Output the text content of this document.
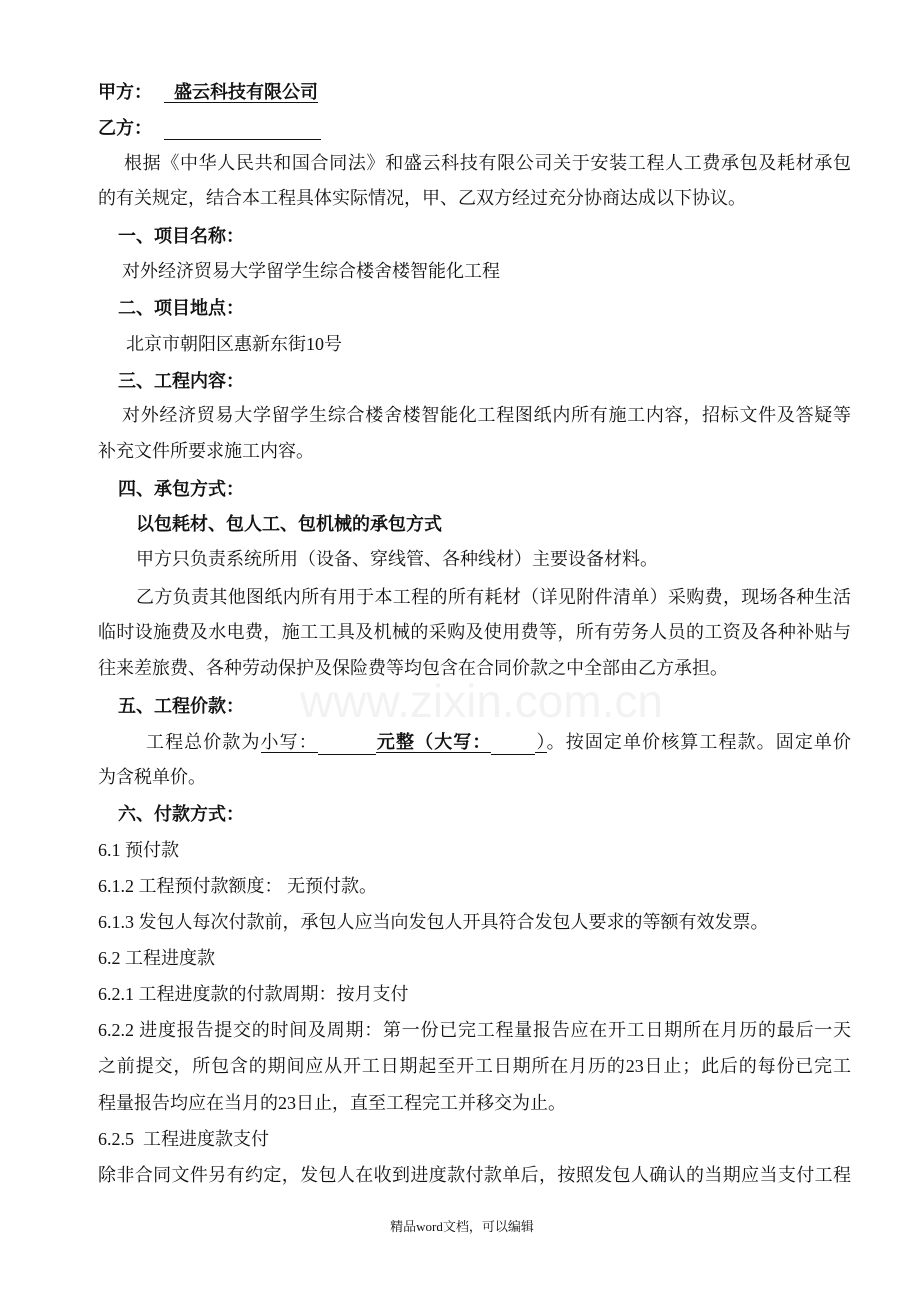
www.zixin.com.cn
甲方： 盛云科技有限公司
乙方：
根据《中华人民共和国合同法》和盛云科技有限公司关于安装工程人工费承包及耗材承包
的有关规定，结合本工程具体实际情况，甲、乙双方经过充分协商达成以下协议。
一、项目名称：
对外经济贸易大学留学生综合楼舍楼智能化工程
二、项目地点：
北京市朝阳区惠新东街10号
三、工程内容：
对外经济贸易大学留学生综合楼舍楼智能化工程图纸内所有施工内容，招标文件及答疑等
补充文件所要求施工内容。
四、承包方式：
以包耗材、包人工、包机械的承包方式
甲方只负责系统所用（设备、穿线管、各种线材）主要设备材料。
乙方负责其他图纸内所有用于本工程的所有耗材（详见附件清单）采购费，现场各种生活
临时设施费及水电费，施工工具及机械的采购及使用费等，所有劳务人员的工资及各种补贴与
往来差旅费、各种劳动保护及保险费等均包含在合同价款之中全部由乙方承担。
五、工程价款：
工程总价款为小写：	元整（大写： ）。按固定单价核算工程款。固定单价
为含税单价。
六、付款方式：
6.1 预付款
6.1.2 工程预付款额度： 无预付款。
6.1.3 发包人每次付款前，承包人应当向发包人开具符合发包人要求的等额有效发票。
6.2 工程进度款
6.2.1 工程进度款的付款周期：按月支付
6.2.2 进度报告提交的时间及周期：第一份已完工程量报告应在开工日期所在月历的最后一天
之前提交，所包含的期间应从开工日期起至开工日期所在月历的23日止；此后的每份已完工
程量报告均应在当月的23日止，直至工程完工并移交为止。
6.2.5  工程进度款支付
除非合同文件另有约定，发包人在收到进度款付款单后，按照发包人确认的当期应当支付工程
精品word文档，可以编辑
